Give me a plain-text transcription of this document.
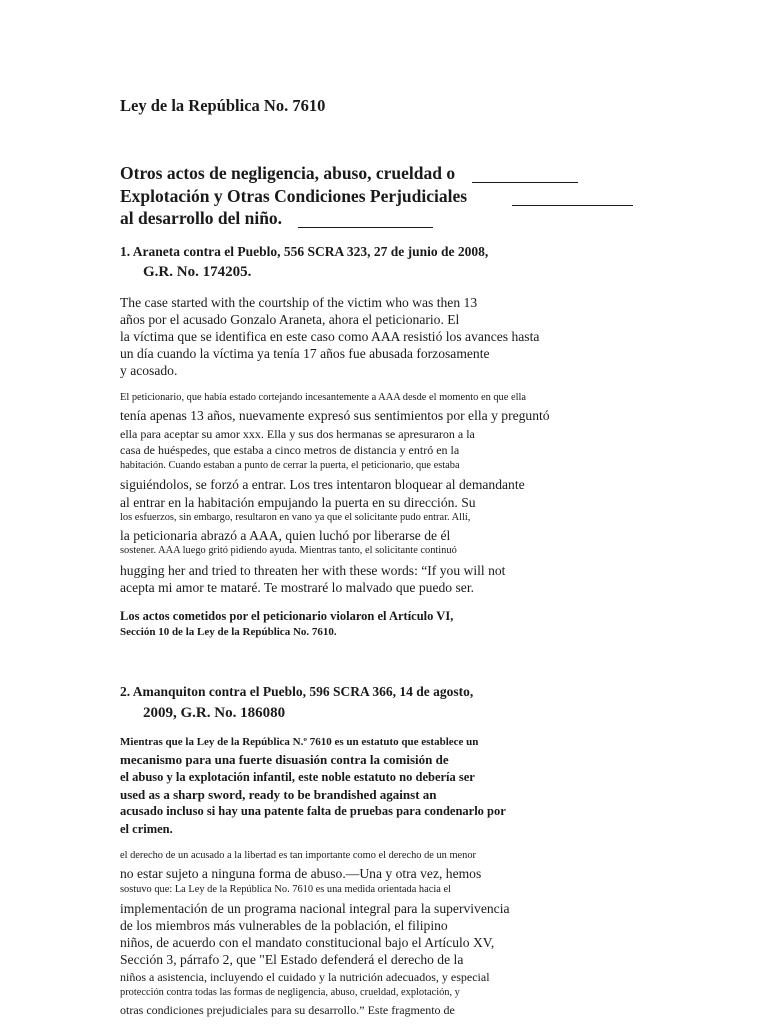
Ley de la República No. 7610
Otros actos de negligencia, abuso, crueldad o
Explotación y Otras Condiciones Perjudiciales
al desarrollo del niño.
1. Araneta contra el Pueblo, 556 SCRA 323, 27 de junio de 2008,
G.R. No. 174205.
The case started with the courtship of the victim who was then 13
años por el acusado Gonzalo Araneta, ahora el peticionario. El
la víctima que se identifica en este caso como AAA resistió los avances hasta
un día cuando la víctima ya tenía 17 años fue abusada forzosamente
y acosado.
El peticionario, que había estado cortejando incesantemente a AAA desde el momento en que ella
tenía apenas 13 años, nuevamente expresó sus sentimientos por ella y preguntó
ella para aceptar su amor xxx. Ella y sus dos hermanas se apresuraron a la
casa de huéspedes, que estaba a cinco metros de distancia y entró en la
habitación. Cuando estaban a punto de cerrar la puerta, el peticionario, que estaba
siguiéndolos, se forzó a entrar. Los tres intentaron bloquear al demandante
al entrar en la habitación empujando la puerta en su dirección. Su
los esfuerzos, sin embargo, resultaron en vano ya que el solicitante pudo entrar. Allí,
la peticionaria abrazó a AAA, quien luchó por liberarse de él
sostener. AAA luego gritó pidiendo ayuda. Mientras tanto, el solicitante continuó
hugging her and tried to threaten her with these words: “If you will not
acepta mi amor te mataré. Te mostraré lo malvado que puedo ser.
Los actos cometidos por el peticionario violaron el Artículo VI,
Sección 10 de la Ley de la República No. 7610.
2. Amanquiton contra el Pueblo, 596 SCRA 366, 14 de agosto,
2009, G.R. No. 186080
Mientras que la Ley de la República N.º 7610 es un estatuto que establece un
mecanismo para una fuerte disuasión contra la comisión de
el abuso y la explotación infantil, este noble estatuto no debería ser
used as a sharp sword, ready to be brandished against an
acusado incluso si hay una patente falta de pruebas para condenarlo por
el crimen.
el derecho de un acusado a la libertad es tan importante como el derecho de un menor
no estar sujeto a ninguna forma de abuso.—Una y otra vez, hemos
sostuvo que: La Ley de la República No. 7610 es una medida orientada hacia el
implementación de un programa nacional integral para la supervivencia
de los miembros más vulnerables de la población, el filipino
niños, de acuerdo con el mandato constitucional bajo el Artículo XV,
Sección 3, párrafo 2, que "El Estado defenderá el derecho de la
niños a asistencia, incluyendo el cuidado y la nutrición adecuados, y especial
protección contra todas las formas de negligencia, abuso, crueldad, explotación, y
otras condiciones prejudiciales para su desarrollo.” Este fragmento de
